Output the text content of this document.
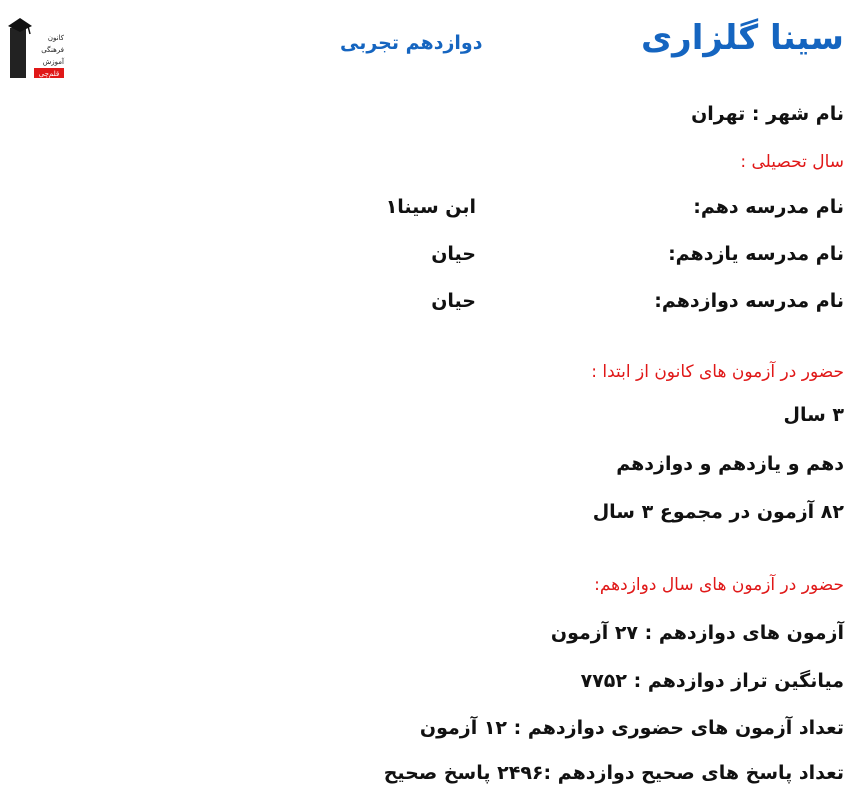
کانون
فرهنگی
آموزش
قلم‌چی
سینا گلزاری
دوازدهم تجربی
نام شهر : تهران
سال تحصیلی :
نام مدرسه دهم:
ابن سینا۱
نام مدرسه یازدهم:
حیان
نام مدرسه دوازدهم:
حیان
حضور در آزمون های کانون از ابتدا :
۳ سال
دهم و یازدهم و دوازدهم
۸۲ آزمون در مجموع ۳ سال
حضور در آزمون های سال دوازدهم:
آزمون های دوازدهم : ۲۷ آزمون
میانگین تراز دوازدهم : ۷۷۵۲
تعداد آزمون های حضوری دوازدهم : ۱۲ آزمون
تعداد پاسخ های صحیح دوازدهم :۲۴۹۶ پاسخ صحیح
